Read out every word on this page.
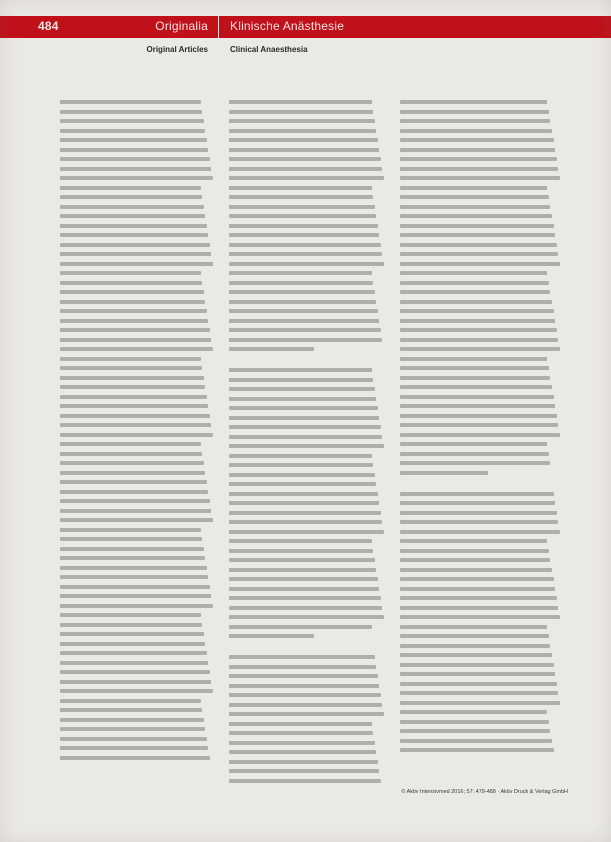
484	Originalia Klinische Anästhesie
Original Articles	Clinical Anaesthesia
© Aktiv Intensivmed 2016; 57: 479-488 · Aktiv Druck & Verlag GmbH
